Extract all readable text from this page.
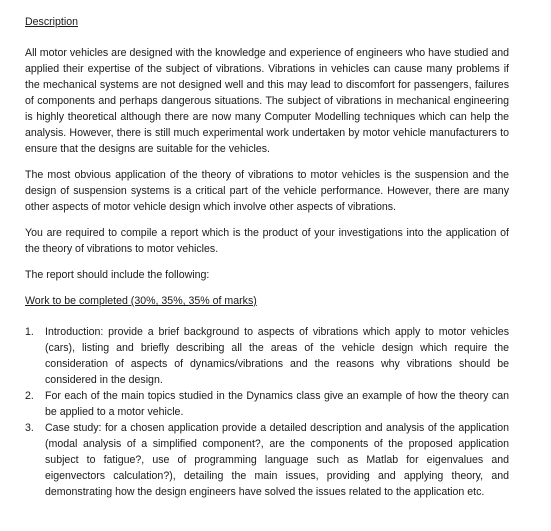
Description

All motor vehicles are designed with the knowledge and experience of engineers who have studied and applied their expertise of the subject of vibrations. Vibrations in vehicles can cause many problems if the mechanical systems are not designed well and this may lead to discomfort for passengers, failures of components and perhaps dangerous situations. The subject of vibrations in mechanical engineering is highly theoretical although there are now many Computer Modelling techniques which can help the analysis. However, there is still much experimental work undertaken by motor vehicle manufacturers to ensure that the designs are suitable for the vehicles.

The most obvious application of the theory of vibrations to motor vehicles is the suspension and the design of suspension systems is a critical part of the vehicle performance. However, there are many other aspects of motor vehicle design which involve other aspects of vibrations.

You are required to compile a report which is the product of your investigations into the application of the theory of vibrations to motor vehicles.

The report should include the following:

Work to be completed (30%, 35%, 35% of marks)

1. Introduction: provide a brief background to aspects of vibrations which apply to motor vehicles (cars), listing and briefly describing all the areas of the vehicle design which require the consideration of aspects of dynamics/vibrations and the reasons why vibrations should be considered in the design.
2. For each of the main topics studied in the Dynamics class give an example of how the theory can be applied to a motor vehicle.
3. Case study: for a chosen application provide a detailed description and analysis of the application (modal analysis of a simplified component?, are the components of the proposed application subject to fatigue?, use of programming language such as Matlab for eigenvalues and eigenvectors calculation?), detailing the main issues, providing and applying theory, and demonstrating how the design engineers have solved the issues related to the application etc.
